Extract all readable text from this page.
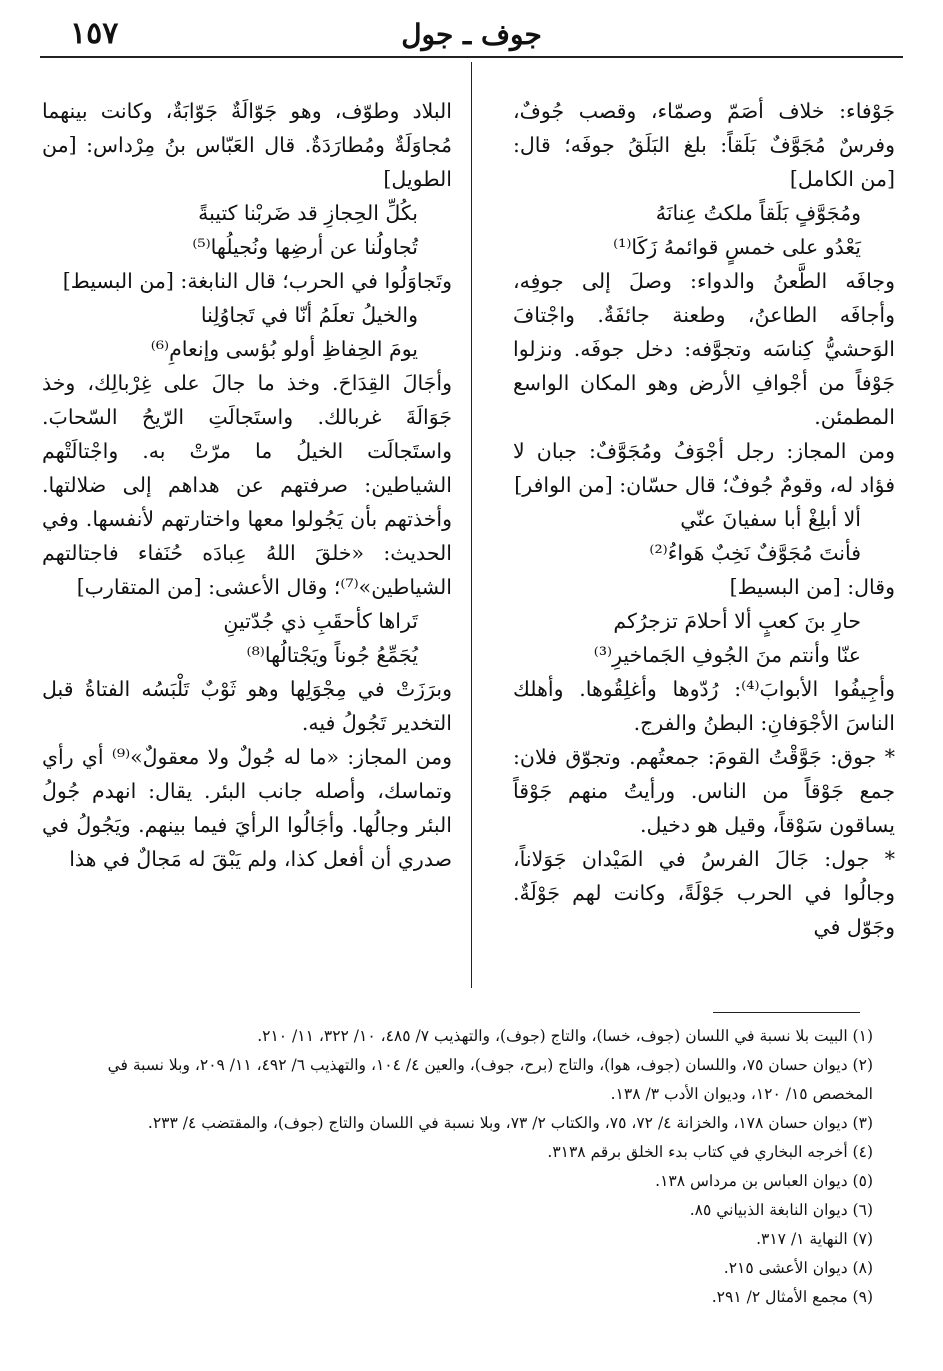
١٥٧	جوف ـ جول

جَوْفاء: خلاف أصَمّ وصمّاء، وقصب جُوفٌ، وفرسٌ مُجَوَّفٌ بَلَقاً: بلغ البَلَقُ جوفَه؛ قال: [من الكامل]

ومُجَوَّفٍ بَلَقاً ملكتُ عِنانَهُ

يَعْدُو على خمسٍ قوائمهُ زَكَا⁽¹⁾

وجافَه الطَّعنُ والدواء: وصلَ إلى جوفِه، وأجافَه الطاعنُ، وطعنة جائفَةٌ. واجْتافَ الوَحشيُّ كِناسَه وتجوَّفه: دخل جوفَه. ونزلوا جَوْفاً من أجْوافِ الأرض وهو المكان الواسع المطمئن.

ومن المجاز: رجل أجْوَفُ ومُجَوَّفٌ: جبان لا فؤاد له، وقومٌ جُوفٌ؛ قال حسّان: [من الوافر]

ألا أبلِغْ أبا سفيانَ عنّي

فأنتَ مُجَوَّفٌ نَخِبٌ هَواءُ⁽²⁾

وقال: [من البسيط]

حارِ بنَ كعبٍ ألا أحلامَ تزجرُكم

عنّا وأنتم منَ الجُوفِ الجَماخيرِ⁽³⁾

وأجِيفُوا الأبوابَ⁽⁴⁾: رُدّوها وأغلِقُوها. وأهلك الناسَ الأجْوَفانِ: البطنُ والفرج.

* جوق: جَوَّقْتُ القومَ: جمعتُهم. وتجوّق فلان: جمع جَوْقاً من الناس. ورأيتُ منهم جَوْقاً يساقون سَوْقاً، وقيل هو دخيل.

* جول: جَالَ الفرسُ في المَيْدان جَوَلاناً، وجالُوا في الحرب جَوْلَةً، وكانت لهم جَوْلَةٌ. وجَوّل في

البلاد وطوّف، وهو جَوّالَةٌ جَوّابَةٌ، وكانت بينهما مُجاوَلَةٌ ومُطارَدَةٌ. قال العَبّاس بنُ مِرْداس: [من الطويل]

بكُلِّ الحِجازِ قد ضَربْنا كتيبةً

تُجاولُنا عن أرضِها ونُجيلُها⁽⁵⁾

وتَجاوَلُوا في الحرب؛ قال النابغة: [من البسيط]

والخيلُ تعلَمُ أنّا في تَجاوُلِنا

يومَ الحِفاظِ أولو بُؤسى وإنعامِ⁽⁶⁾

وأجَالَ القِدَاحَ. وخذ ما جالَ على غِرْبالِك، وخذ جَوَالَةَ غربالك. واستَجالَتِ الرّيحُ السّحابَ. واستَجالَت الخيلُ ما مرّتْ به. واجْتالَتْهم الشياطين: صرفتهم عن هداهم إلى ضلالتها. وأخذتهم بأن يَجُولوا معها واختارتهم لأنفسها. وفي الحديث: «خلقَ اللهُ عِبادَه حُنَفاء فاجتالتهم الشياطين»⁽⁷⁾؛ وقال الأعشى: [من المتقارب]

تَراها كأحقَبِ ذي جُدّتينِ

يُجَمِّعُ جُوناً ويَجْتالُها⁽⁸⁾

وبرَزَتْ في مِجْوَلِها وهو ثَوْبٌ تَلْبَسُه الفتاةُ قبل التخدير تَجُولُ فيه.

ومن المجاز: «ما له جُولٌ ولا معقولٌ»⁽⁹⁾ أي رأي وتماسك، وأصله جانب البئر. يقال: انهدم جُولُ البئر وجالُها. وأجَالُوا الرأيَ فيما بينهم. ويَجُولُ في صدري أن أفعل كذا، ولم يَبْقَ له مَجالٌ في هذا

(١) البيت بلا نسبة في اللسان (جوف، خسا)، والتاج (جوف)، والتهذيب ٧/ ٤٨٥، ١٠/ ٣٢٢، ١١/ ٢١٠.

(٢) ديوان حسان ٧٥، واللسان (جوف، هوا)، والتاج (برح، جوف)، والعين ٤/ ١٠٤، والتهذيب ٦/ ٤٩٢، ١١/ ٢٠٩، وبلا نسبة في المخصص ١٥/ ١٢٠، وديوان الأدب ٣/ ١٣٨.

(٣) ديوان حسان ١٧٨، والخزانة ٤/ ٧٢، ٧٥، والكتاب ٢/ ٧٣، وبلا نسبة في اللسان والتاج (جوف)، والمقتضب ٤/ ٢٣٣.

(٤) أخرجه البخاري في كتاب بدء الخلق برقم ٣١٣٨.

(٥) ديوان العباس بن مرداس ١٣٨.

(٦) ديوان النابغة الذبياني ٨٥.

(٧) النهاية ١/ ٣١٧.

(٨) ديوان الأعشى ٢١٥.

(٩) مجمع الأمثال ٢/ ٢٩١.
